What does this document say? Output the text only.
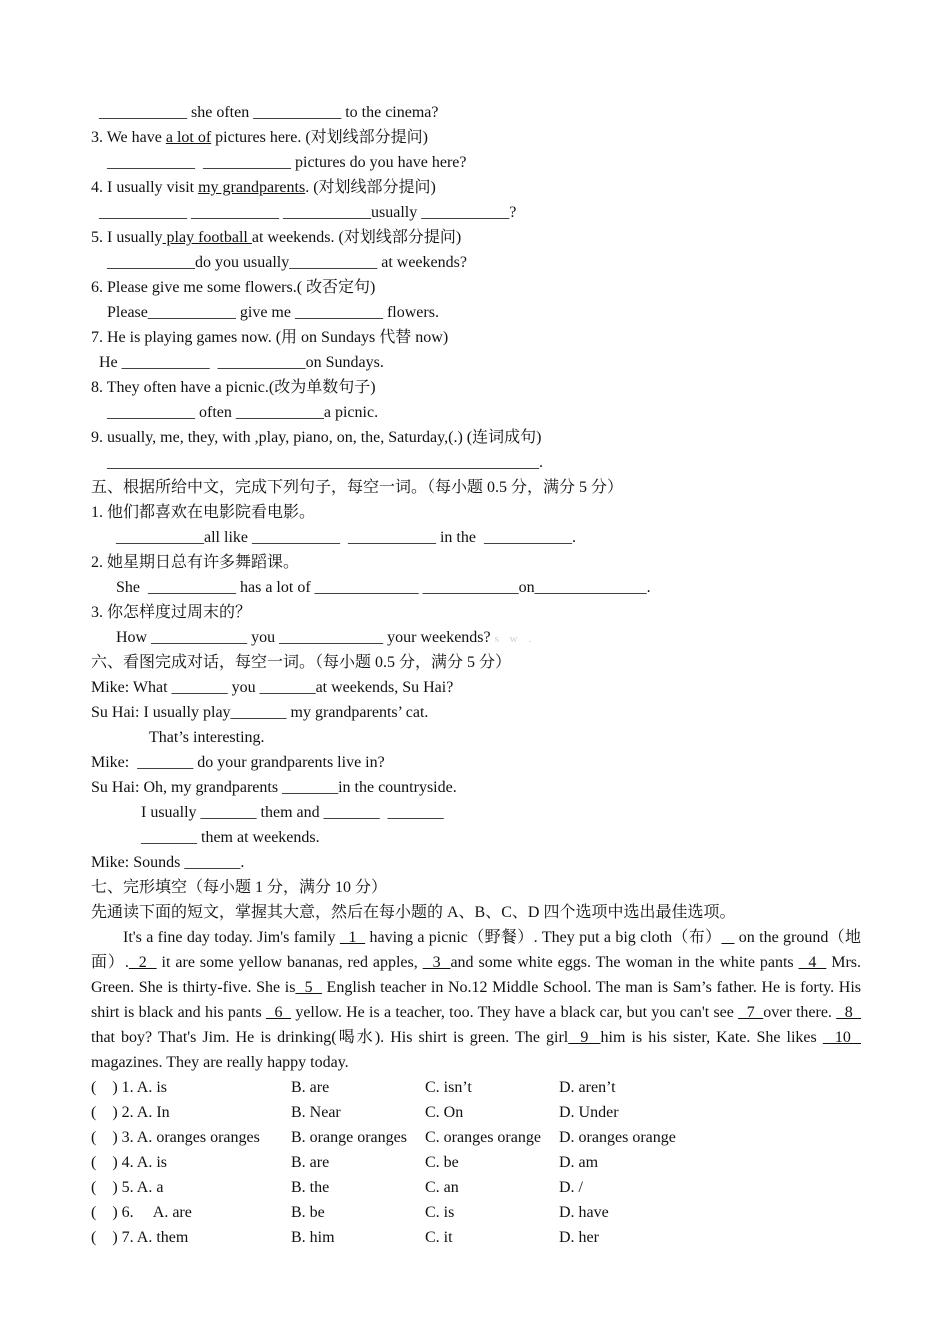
___________ she often ___________ to the cinema?
3. We have a lot of pictures here. (对划线部分提问)
___________  ___________ pictures do you have here?
4. I usually visit my grandparents. (对划线部分提问)
___________ ___________ ___________usually ___________?
5. I usually play football at weekends. (对划线部分提问)
___________do you usually___________ at weekends?
6. Please give me some flowers.( 改否定句)
Please___________ give me ___________ flowers.
7. He is playing games now. (用 on Sundays 代替 now)
He ___________  ___________on Sundays.
8. They often have a picnic.(改为单数句子)
___________ often ___________a picnic.
9. usually, me, they, with ,play, piano, on, the, Saturday,(.) (连词成句)
______________________________________________________.
五、根据所给中文，完成下列句子，每空一词。（每小题 0.5 分，满分 5 分）
1. 他们都喜欢在电影院看电影。
___________all like ___________  ___________ in the  ___________.
2. 她星期日总有许多舞蹈课。
She  ___________ has a lot of _____________ ____________on______________.
3. 你怎样度过周末的？
How ____________ you _____________ your weekends? s w .
六、看图完成对话，每空一词。（每小题 0.5 分，满分 5 分）
Mike: What _______ you _______at weekends, Su Hai?
Su Hai: I usually play_______ my grandparents’ cat.
That’s interesting.
Mike:  _______ do your grandparents live in?
Su Hai: Oh, my grandparents _______in the countryside.
I usually _______ them and _______  _______
_______ them at weekends.
Mike: Sounds _______.
七、完形填空（每小题 1 分，满分 10 分）
先通读下面的短文，掌握其大意，然后在每小题的 A、B、C、D 四个选项中选出最佳选项。
It's a fine day today. Jim's family   1   having a picnic（野餐）. They put a big cloth（布）    on the ground（地面）.  2   it are some yellow bananas, red apples,   3  and some white eggs. The woman in the white pants   4   Mrs. Green. She is thirty-five. She is  5   English teacher in No.12 Middle School. The man is Sam’s father. He is forty. His shirt is black and his pants   6   yellow. He is a teacher, too. They have a black car, but you can't see   7  over there.   8   that boy? That's Jim. He is drinking(喝水). His shirt is green. The girl  9  him is his sister, Kate. She likes   10   magazines. They are really happy today.
(    ) 1. A. is	B. are	C. isn’t	D. aren’t
(    ) 2. A. In	B. Near	C. On	D. Under
(    ) 3. A. oranges oranges	B. orange oranges	C. oranges orange	D. oranges orange
(    ) 4. A. is	B. are	C. be	D. am
(    ) 5. A. a	B. the	C. an	D. /
(    ) 6.     A. are	B. be	C. is	D. have
(    ) 7. A. them	B. him	C. it	D. her
